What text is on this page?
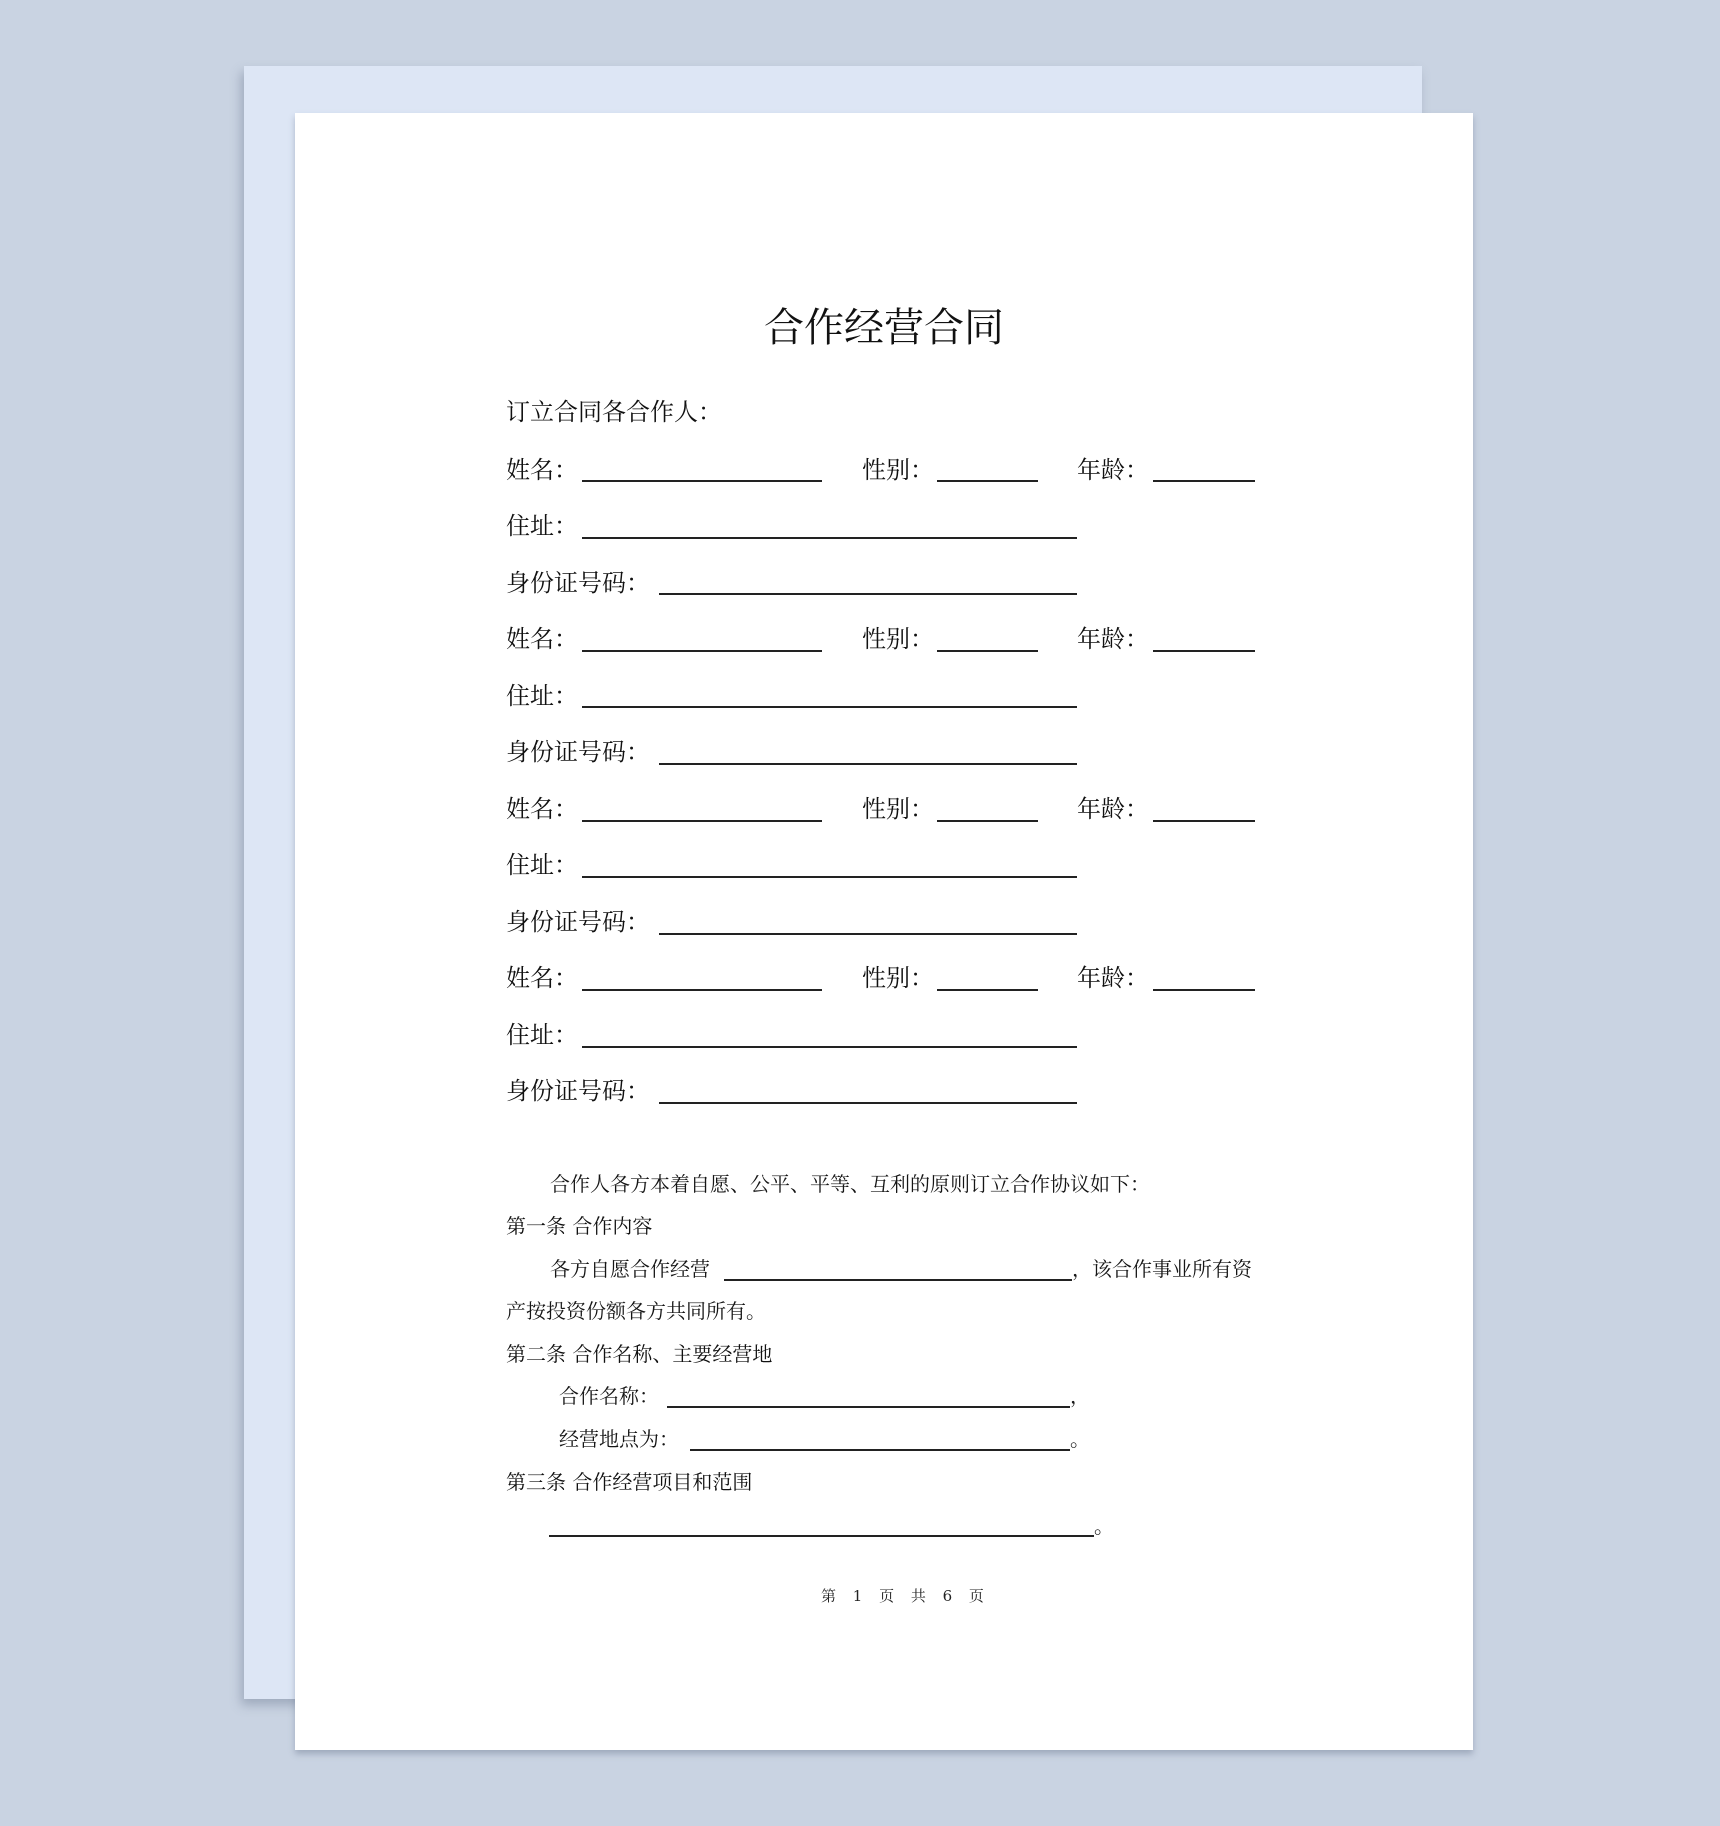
合作经营合同
订立合同各合作人：
姓名：	性别：	年龄：
住址：
身份证号码：
姓名：	性别：	年龄：
住址：
身份证号码：
姓名：	性别：	年龄：
住址：
身份证号码：
姓名：	性别：	年龄：
住址：
身份证号码：
合作人各方本着自愿、公平、平等、互利的原则订立合作协议如下：
第一条 合作内容
各方自愿合作经营	，该合作事业所有资
产按投资份额各方共同所有。
第二条 合作名称、主要经营地
合作名称：	，
经营地点为：	。
第三条 合作经营项目和范围
。
第 1 页 共 6 页
